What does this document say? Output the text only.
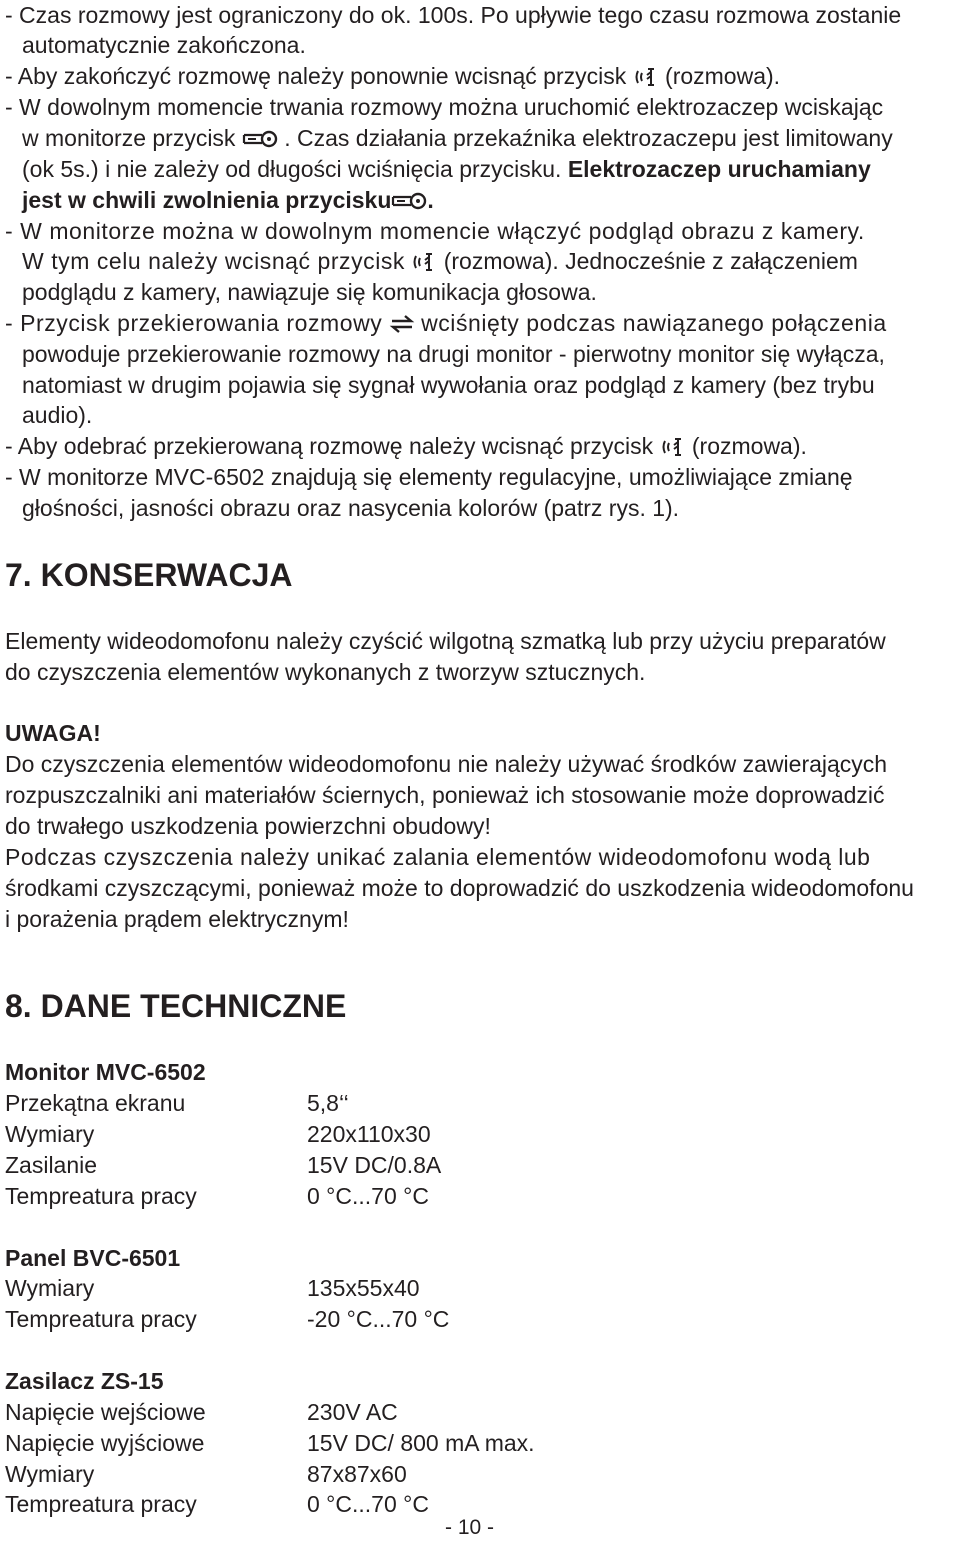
- Czas rozmowy jest ograniczony do ok. 100s. Po upływie tego czasu rozmowa zostanie
automatycznie zakończona.
- Aby zakończyć rozmowę należy ponownie wcisnąć przycisk (rozmowa).
- W dowolnym momencie trwania rozmowy można uruchomić elektrozaczep wciskając
w monitorze przycisk . Czas działania przekaźnika elektrozaczepu jest limitowany
(ok 5s.) i nie zależy od długości wciśnięcia przycisku. Elektrozaczep uruchamiany
jest w chwili zwolnienia przycisku .
- W monitorze można w dowolnym momencie włączyć podgląd obrazu z kamery.
W tym celu należy wcisnąć przycisk (rozmowa). Jednocześnie z załączeniem
podglądu z kamery, nawiązuje się komunikacja głosowa.
- Przycisk przekierowania rozmowy wciśnięty podczas nawiązanego połączenia
powoduje przekierowanie rozmowy na drugi monitor - pierwotny monitor się wyłącza,
natomiast w drugim pojawia się sygnał wywołania oraz podgląd z kamery (bez trybu
audio).
- Aby odebrać przekierowaną rozmowę należy wcisnąć przycisk (rozmowa).
- W monitorze MVC-6502 znajdują się elementy regulacyjne, umożliwiające zmianę
głośności, jasności obrazu oraz nasycenia kolorów (patrz rys. 1).
7. KONSERWACJA
Elementy wideodomofonu należy czyścić wilgotną szmatką lub przy użyciu preparatów
do czyszczenia elementów wykonanych z tworzyw sztucznych.
UWAGA!
Do czyszczenia elementów wideodomofonu nie należy używać środków zawierających
rozpuszczalniki ani materiałów ściernych, ponieważ ich stosowanie może doprowadzić
do trwałego uszkodzenia powierzchni obudowy!
Podczas czyszczenia należy unikać zalania elementów wideodomofonu wodą lub
środkami czyszczącymi, ponieważ może to doprowadzić do uszkodzenia wideodomofonu
i porażenia prądem elektrycznym!
8. DANE TECHNICZNE
Monitor MVC-6502
Przekątna ekranu	5,8‘‘
Wymiary	220x110x30
Zasilanie	15V DC/0.8A
Tempreatura pracy	0 °C...70 °C
Panel BVC-6501
Wymiary	135x55x40
Tempreatura pracy	-20 °C...70 °C
Zasilacz ZS-15
Napięcie wejściowe	230V AC
Napięcie wyjściowe	15V DC/ 800 mA max.
Wymiary	87x87x60
Tempreatura pracy	0 °C...70 °C
- 10 -
